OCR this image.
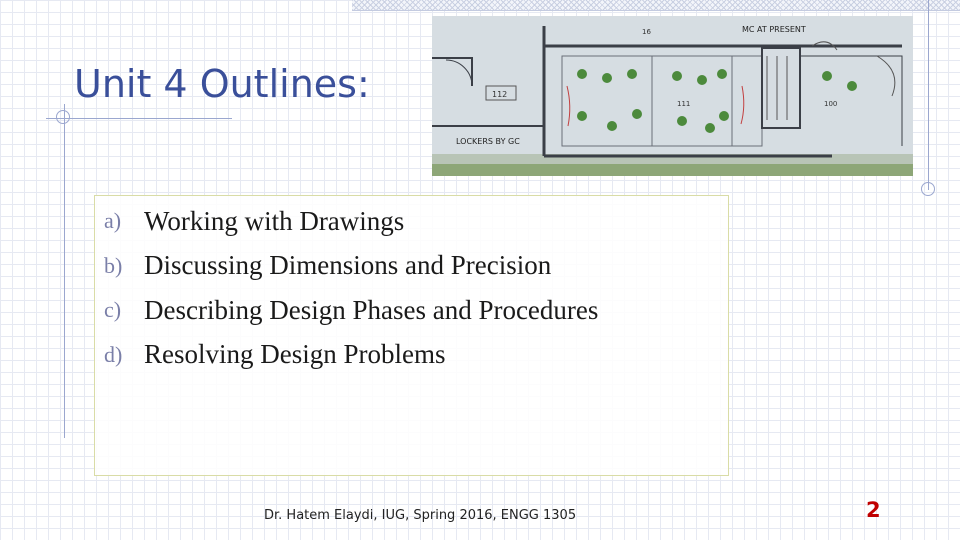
Unit 4 Outlines:	112
LOCKERS BY GC
MC AT PRESENT
16
111	100
a) Working with Drawings
b) Discussing Dimensions and Precision
c) Describing Design Phases and Procedures
d) Resolving Design Problems
Dr. Hatem Elaydi, IUG, Spring 2016, ENGG 1305	2
